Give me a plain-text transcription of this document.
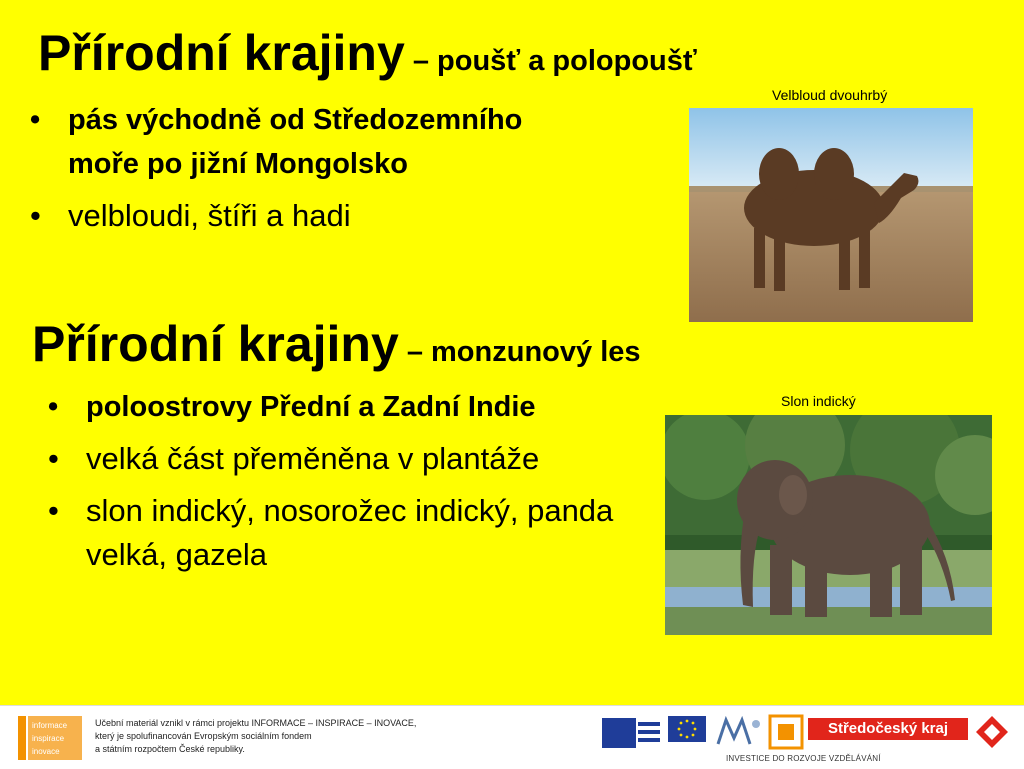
Přírodní krajiny – poušť a polopoušť
• pás východně od Středozemního moře po jižní Mongolsko
• velbloudi, štíři a hadi
Velbloud dvouhrbý
Přírodní krajiny – monzunový les
• poloostrovy Přední a Zadní Indie
• velká část přeměněna v plantáže
• slon indický, nosorožec indický, panda velká, gazela
Slon indický
informace
inspirace
inovace
Učební materiál vznikl v rámci projektu INFORMACE – INSPIRACE – INOVACE,
který je spolufinancován Evropským sociálním fondem
a státním rozpočtem České republiky.
Středočeský kraj
INVESTICE DO ROZVOJE VZDĚLÁVÁNÍ
